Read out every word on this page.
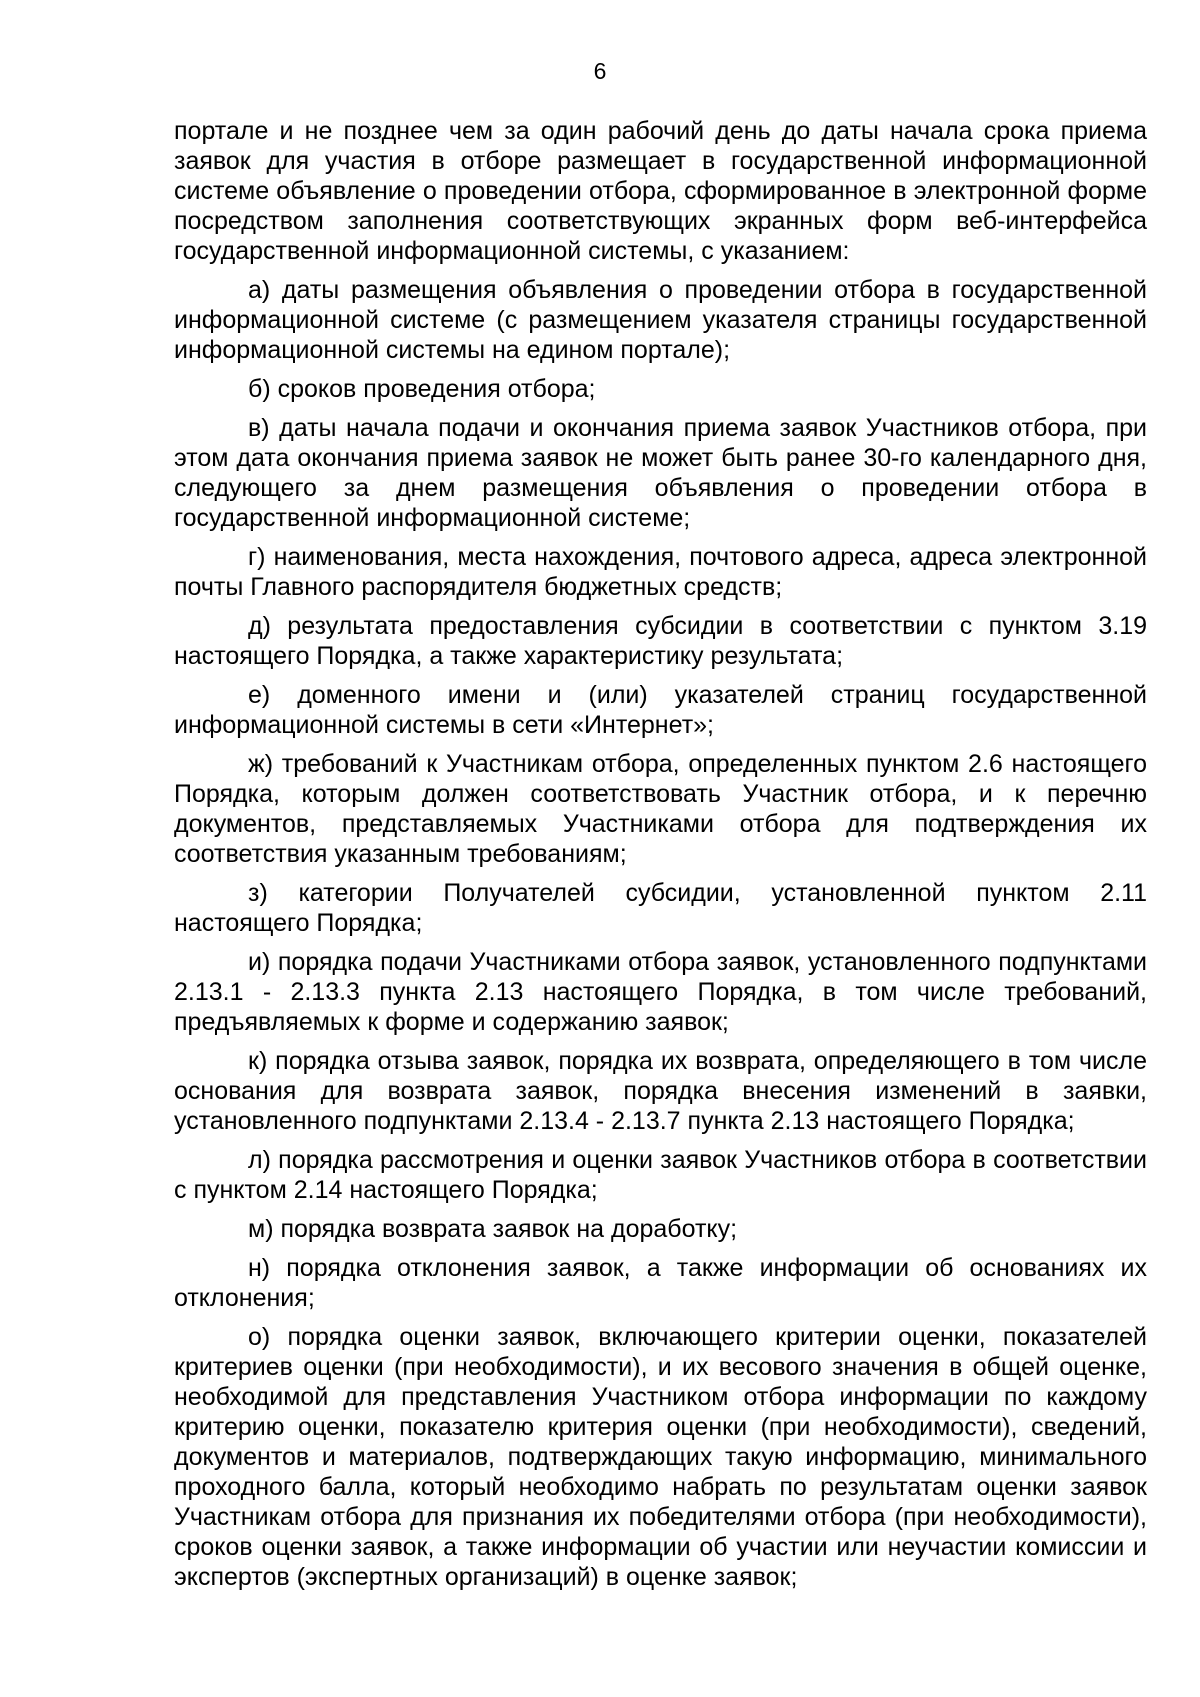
6

портале и не позднее чем за один рабочий день до даты начала срока приема заявок для участия в отборе размещает в государственной информационной системе объявление о проведении отбора, сформированное в электронной форме посредством заполнения соответствующих экранных форм веб-интерфейса государственной информационной системы, с указанием:

а) даты размещения объявления о проведении отбора в государственной информационной системе (с размещением указателя страницы государственной информационной системы на едином портале);

б) сроков проведения отбора;

в) даты начала подачи и окончания приема заявок Участников отбора, при этом дата окончания приема заявок не может быть ранее 30-го календарного дня, следующего за днем размещения объявления о проведении отбора в государственной информационной системе;

г) наименования, места нахождения, почтового адреса, адреса электронной почты Главного распорядителя бюджетных средств;

д) результата предоставления субсидии в соответствии с пунктом 3.19 настоящего Порядка, а также характеристику результата;

е) доменного имени и (или) указателей страниц государственной информационной системы в сети «Интернет»;

ж) требований к Участникам отбора, определенных пунктом 2.6 настоящего Порядка, которым должен соответствовать Участник отбора, и к перечню документов, представляемых Участниками отбора для подтверждения их соответствия указанным требованиям;

з) категории Получателей субсидии, установленной пунктом 2.11 настоящего Порядка;

и) порядка подачи Участниками отбора заявок, установленного подпунктами 2.13.1 - 2.13.3 пункта 2.13 настоящего Порядка, в том числе требований, предъявляемых к форме и содержанию заявок;

к) порядка отзыва заявок, порядка их возврата, определяющего в том числе основания для возврата заявок, порядка внесения изменений в заявки, установленного подпунктами 2.13.4 - 2.13.7 пункта 2.13 настоящего Порядка;

л) порядка рассмотрения и оценки заявок Участников отбора в соответствии с пунктом 2.14 настоящего Порядка;

м) порядка возврата заявок на доработку;

н) порядка отклонения заявок, а также информации об основаниях их отклонения;

о) порядка оценки заявок, включающего критерии оценки, показателей критериев оценки (при необходимости), и их весового значения в общей оценке, необходимой для представления Участником отбора информации по каждому критерию оценки, показателю критерия оценки (при необходимости), сведений, документов и материалов, подтверждающих такую информацию, минимального проходного балла, который необходимо набрать по результатам оценки заявок Участникам отбора для признания их победителями отбора (при необходимости), сроков оценки заявок, а также информации об участии или неучастии комиссии и экспертов (экспертных организаций) в оценке заявок;
